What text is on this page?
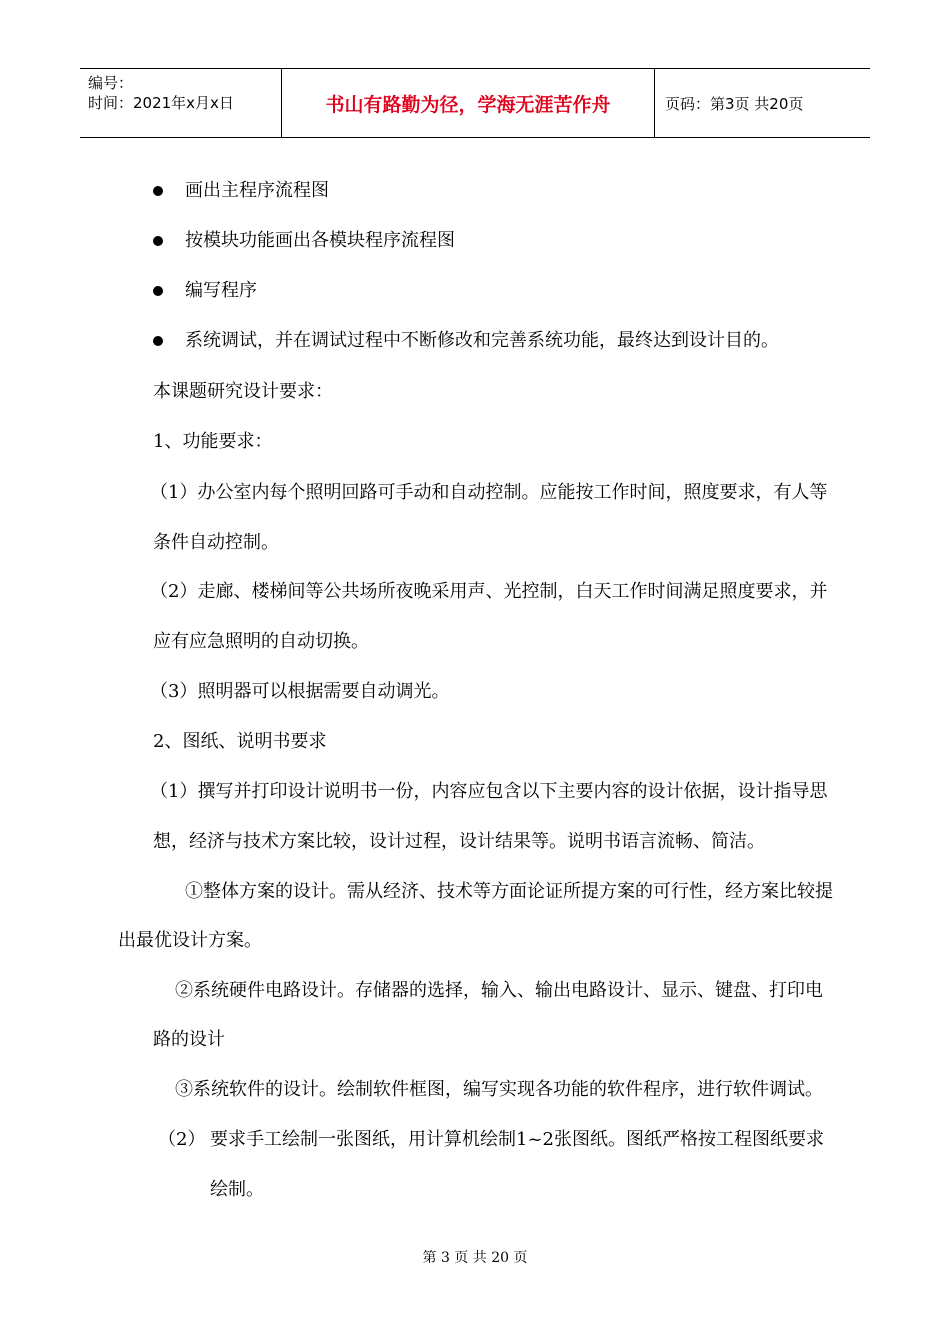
编号：
时间：2021年x月x日	书山有路勤为径，学海无涯苦作舟	页码：第3页 共20页
画出主程序流程图
按模块功能画出各模块程序流程图
编写程序
系统调试，并在调试过程中不断修改和完善系统功能，最终达到设计目的。
本课题研究设计要求：
1、功能要求：
（1）办公室内每个照明回路可手动和自动控制。应能按工作时间，照度要求，有人等
条件自动控制。
（2）走廊、楼梯间等公共场所夜晚采用声、光控制，白天工作时间满足照度要求，并
应有应急照明的自动切换。
（3）照明器可以根据需要自动调光。
2、图纸、说明书要求
（1）撰写并打印设计说明书一份，内容应包含以下主要内容的设计依据，设计指导思
想，经济与技术方案比较，设计过程，设计结果等。说明书语言流畅、简洁。
①整体方案的设计。需从经济、技术等方面论证所提方案的可行性，经方案比较提
出最优设计方案。
②系统硬件电路设计。存储器的选择，输入、输出电路设计、显示、键盘、打印电
路的设计
③系统软件的设计。绘制软件框图，编写实现各功能的软件程序，进行软件调试。
（2） 要求手工绘制一张图纸，用计算机绘制1~2张图纸。图纸严格按工程图纸要求
绘制。
第 3 页 共 20 页
